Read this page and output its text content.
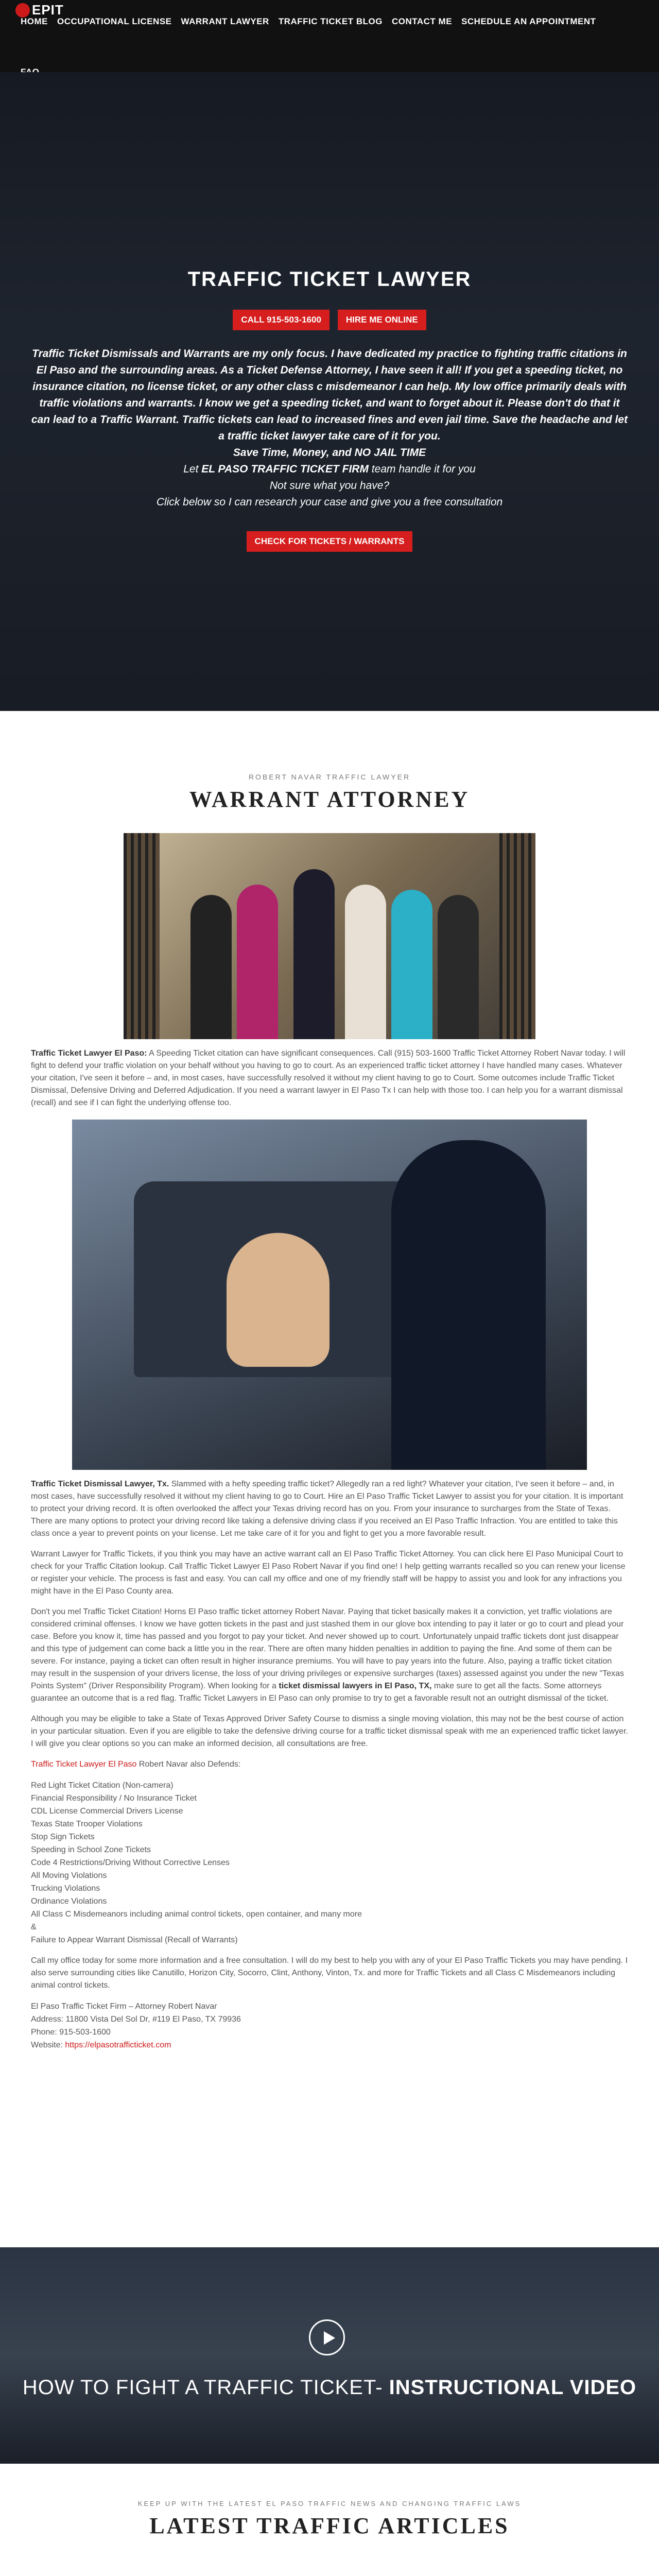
EPIT
HOME	OCCUPATIONAL LICENSE	WARRANT LAWYER	TRAFFIC TICKET BLOG	CONTACT ME	SCHEDULE AN APPOINTMENT
TRAFFIC TICKET LAWYER
CALL 915-503-1600	HIRE ME ONLINE

Traffic Ticket Dismissals and Warrants are my only focus. I have dedicated my practice to fighting traffic citations in El Paso and the surrounding areas. As a Ticket Defense Attorney, I have seen it all! If you get a speeding ticket, no insurance citation, no license ticket, or any other class c misdemeanor I can help. My low office primarily deals with traffic violations and warrants. I know we get a speeding ticket, and want to forget about it. Please don't do that it can lead to a Traffic Warrant. Traffic tickets can lead to increased fines and even jail time. Save the headache and let a traffic ticket lawyer take care of it for you.

Save Time, Money, and NO JAIL TIME

Let EL PASO TRAFFIC TICKET FIRM team handle it for you

Not sure what you have?

Click below so I can research your case and give you a free consultation

CHECK FOR TICKETS / WARRANTS
ROBERT NAVAR TRAFFIC LAWYER
WARRANT ATTORNEY

Traffic Ticket Lawyer El Paso: A Speeding Ticket citation can have significant consequences. Call (915) 503-1600 Traffic Ticket Attorney Robert Navar today. I will fight to defend your traffic violation on your behalf without you having to go to court. As an experienced traffic ticket attorney I have handled many cases. Whatever your citation, I've seen it before – and, in most cases, have successfully resolved it without my client having to go to Court. Some outcomes include Traffic Ticket Dismissal, Defensive Driving and Deferred Adjudication. If you need a warrant lawyer in El Paso Tx I can help with those too. I can help you for a warrant dismissal (recall) and see if I can fight the underlying offense too.

Traffic Ticket Dismissal Lawyer, Tx. Slammed with a hefty speeding traffic ticket? Allegedly ran a red light? Whatever your citation, I've seen it before – and, in most cases, have successfully resolved it without my client having to go to Court. Hire an El Paso Traffic Ticket Lawyer to assist you for your citation. It is important to protect your driving record. It is often overlooked the affect your Texas driving record has on you. From your insurance to surcharges from the State of Texas. There are many options to protect your driving record like taking a defensive driving class if you received an El Paso Traffic Infraction. You are entitled to take this class once a year to prevent points on your license. Let me take care of it for you and fight to get you a more favorable result.

Warrant Lawyer for Traffic Tickets, if you think you may have an active warrant call an El Paso Traffic Ticket Attorney. You can click here El Paso Municipal Court to check for your Traffic Citation lookup. Call Traffic Ticket Lawyer El Paso Robert Navar if you find one! I help getting warrants recalled so you can renew your license or register your vehicle. The process is fast and easy. You can call my office and one of my friendly staff will be happy to assist you and look for any infractions you might have in the El Paso County area.

Don't you mel Traffic Ticket Citation! Horns El Paso traffic ticket attorney Robert Navar. Paying that ticket basically makes it a conviction, yet traffic violations are considered criminal offenses. I know we have gotten tickets in the past and just stashed them in our glove box intending to pay it later or go to court and plead your case. Before you know it, time has passed and you forgot to pay your ticket. And never showed up to court. Unfortunately unpaid traffic tickets dont just disappear and this type of judgement can come back a little you in the rear. There are often many hidden penalties in addition to paying the fine. And some of them can be severe. For instance, paying a ticket can often result in higher insurance premiums. You will have to pay years into the future. Also, paying a traffic ticket citation may result in the suspension of your drivers license, the loss of your driving privileges or expensive surcharges (taxes) assessed against you under the new "Texas Points System" (Driver Responsibility Program). When looking for a ticket dismissal lawyers in El Paso, TX, make sure to get all the facts. Some attorneys guarantee an outcome that is a red flag. Traffic Ticket Lawyers in El Paso can only promise to try to get a favorable result not an outright dismissal of the ticket.

Although you may be eligible to take a State of Texas Approved Driver Safety Course to dismiss a single moving violation, this may not be the best course of action in your particular situation. Even if you are eligible to take the defensive driving course for a traffic ticket dismissal speak with me an experienced traffic ticket lawyer. I will give you clear options so you can make an informed decision, all consultations are free.

Traffic Ticket Lawyer El Paso Robert Navar also Defends:

Red Light Ticket Citation (Non-camera)
Financial Responsibility / No Insurance Ticket
CDL License Commercial Drivers License
Texas State Trooper Violations
Stop Sign Tickets
Speeding in School Zone Tickets
Code 4 Restrictions/Driving Without Corrective Lenses
All Moving Violations
Trucking Violations
Ordinance Violations
All Class C Misdemeanors including animal control tickets, open container, and many more
&
Failure to Appear Warrant Dismissal (Recall of Warrants)

Call my office today for some more information and a free consultation. I will do my best to help you with any of your El Paso Traffic Tickets you may have pending. I also serve surrounding cities like Canutillo, Horizon City, Socorro, Clint, Anthony, Vinton, Tx. and more for Traffic Tickets and all Class C Misdemeanors including animal control tickets.

El Paso Traffic Ticket Firm – Attorney Robert Navar
Address: 11800 Vista Del Sol Dr, #119 El Paso, TX 79936
Phone: 915-503-1600
Website: https://elpasotrafficticket.com
HOW TO FIGHT A TRAFFIC TICKET- INSTRUCTIONAL VIDEO
KEEP UP WITH THE LATEST EL PASO TRAFFIC NEWS AND CHANGING TRAFFIC LAWS
LATEST TRAFFIC ARTICLES
